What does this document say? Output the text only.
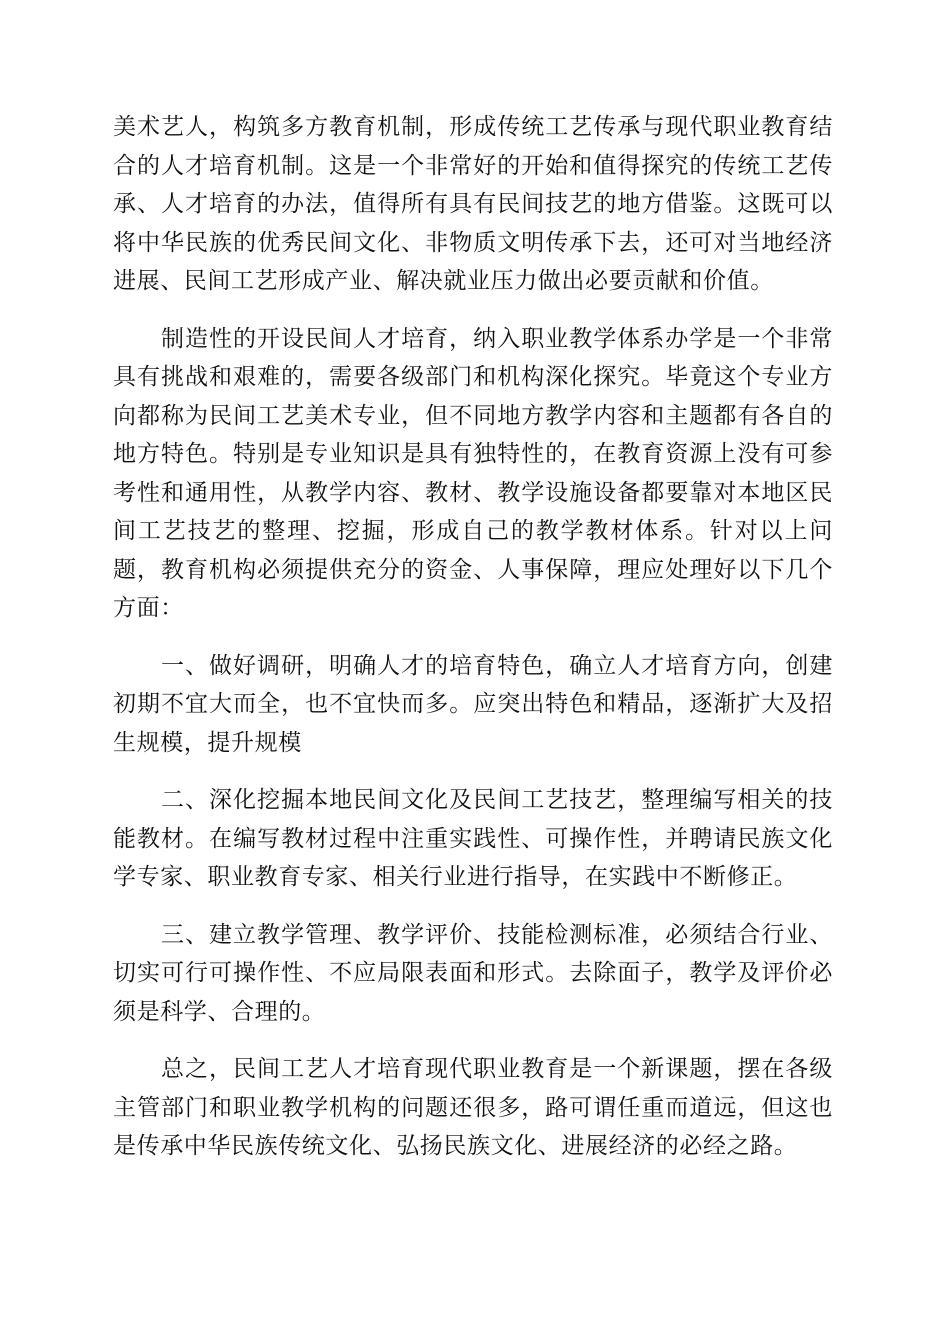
美术艺人，构筑多方教育机制，形成传统工艺传承与现代职业教育结合的人才培育机制。这是一个非常好的开始和值得探究的传统工艺传承、人才培育的办法，值得所有具有民间技艺的地方借鉴。这既可以将中华民族的优秀民间文化、非物质文明传承下去，还可对当地经济进展、民间工艺形成产业、解决就业压力做出必要贡献和价值。

制造性的开设民间人才培育，纳入职业教学体系办学是一个非常具有挑战和艰难的，需要各级部门和机构深化探究。毕竟这个专业方向都称为民间工艺美术专业，但不同地方教学内容和主题都有各自的地方特色。特别是专业知识是具有独特性的，在教育资源上没有可参考性和通用性，从教学内容、教材、教学设施设备都要靠对本地区民间工艺技艺的整理、挖掘，形成自己的教学教材体系。针对以上问题，教育机构必须提供充分的资金、人事保障，理应处理好以下几个方面：

一、做好调研，明确人才的培育特色，确立人才培育方向，创建初期不宜大而全，也不宜快而多。应突出特色和精品，逐渐扩大及招生规模，提升规模

二、深化挖掘本地民间文化及民间工艺技艺，整理编写相关的技能教材。在编写教材过程中注重实践性、可操作性，并聘请民族文化学专家、职业教育专家、相关行业进行指导，在实践中不断修正。

三、建立教学管理、教学评价、技能检测标准，必须结合行业、切实可行可操作性、不应局限表面和形式。去除面子，教学及评价必须是科学、合理的。

总之，民间工艺人才培育现代职业教育是一个新课题，摆在各级主管部门和职业教学机构的问题还很多，路可谓任重而道远，但这也是传承中华民族传统文化、弘扬民族文化、进展经济的必经之路。
